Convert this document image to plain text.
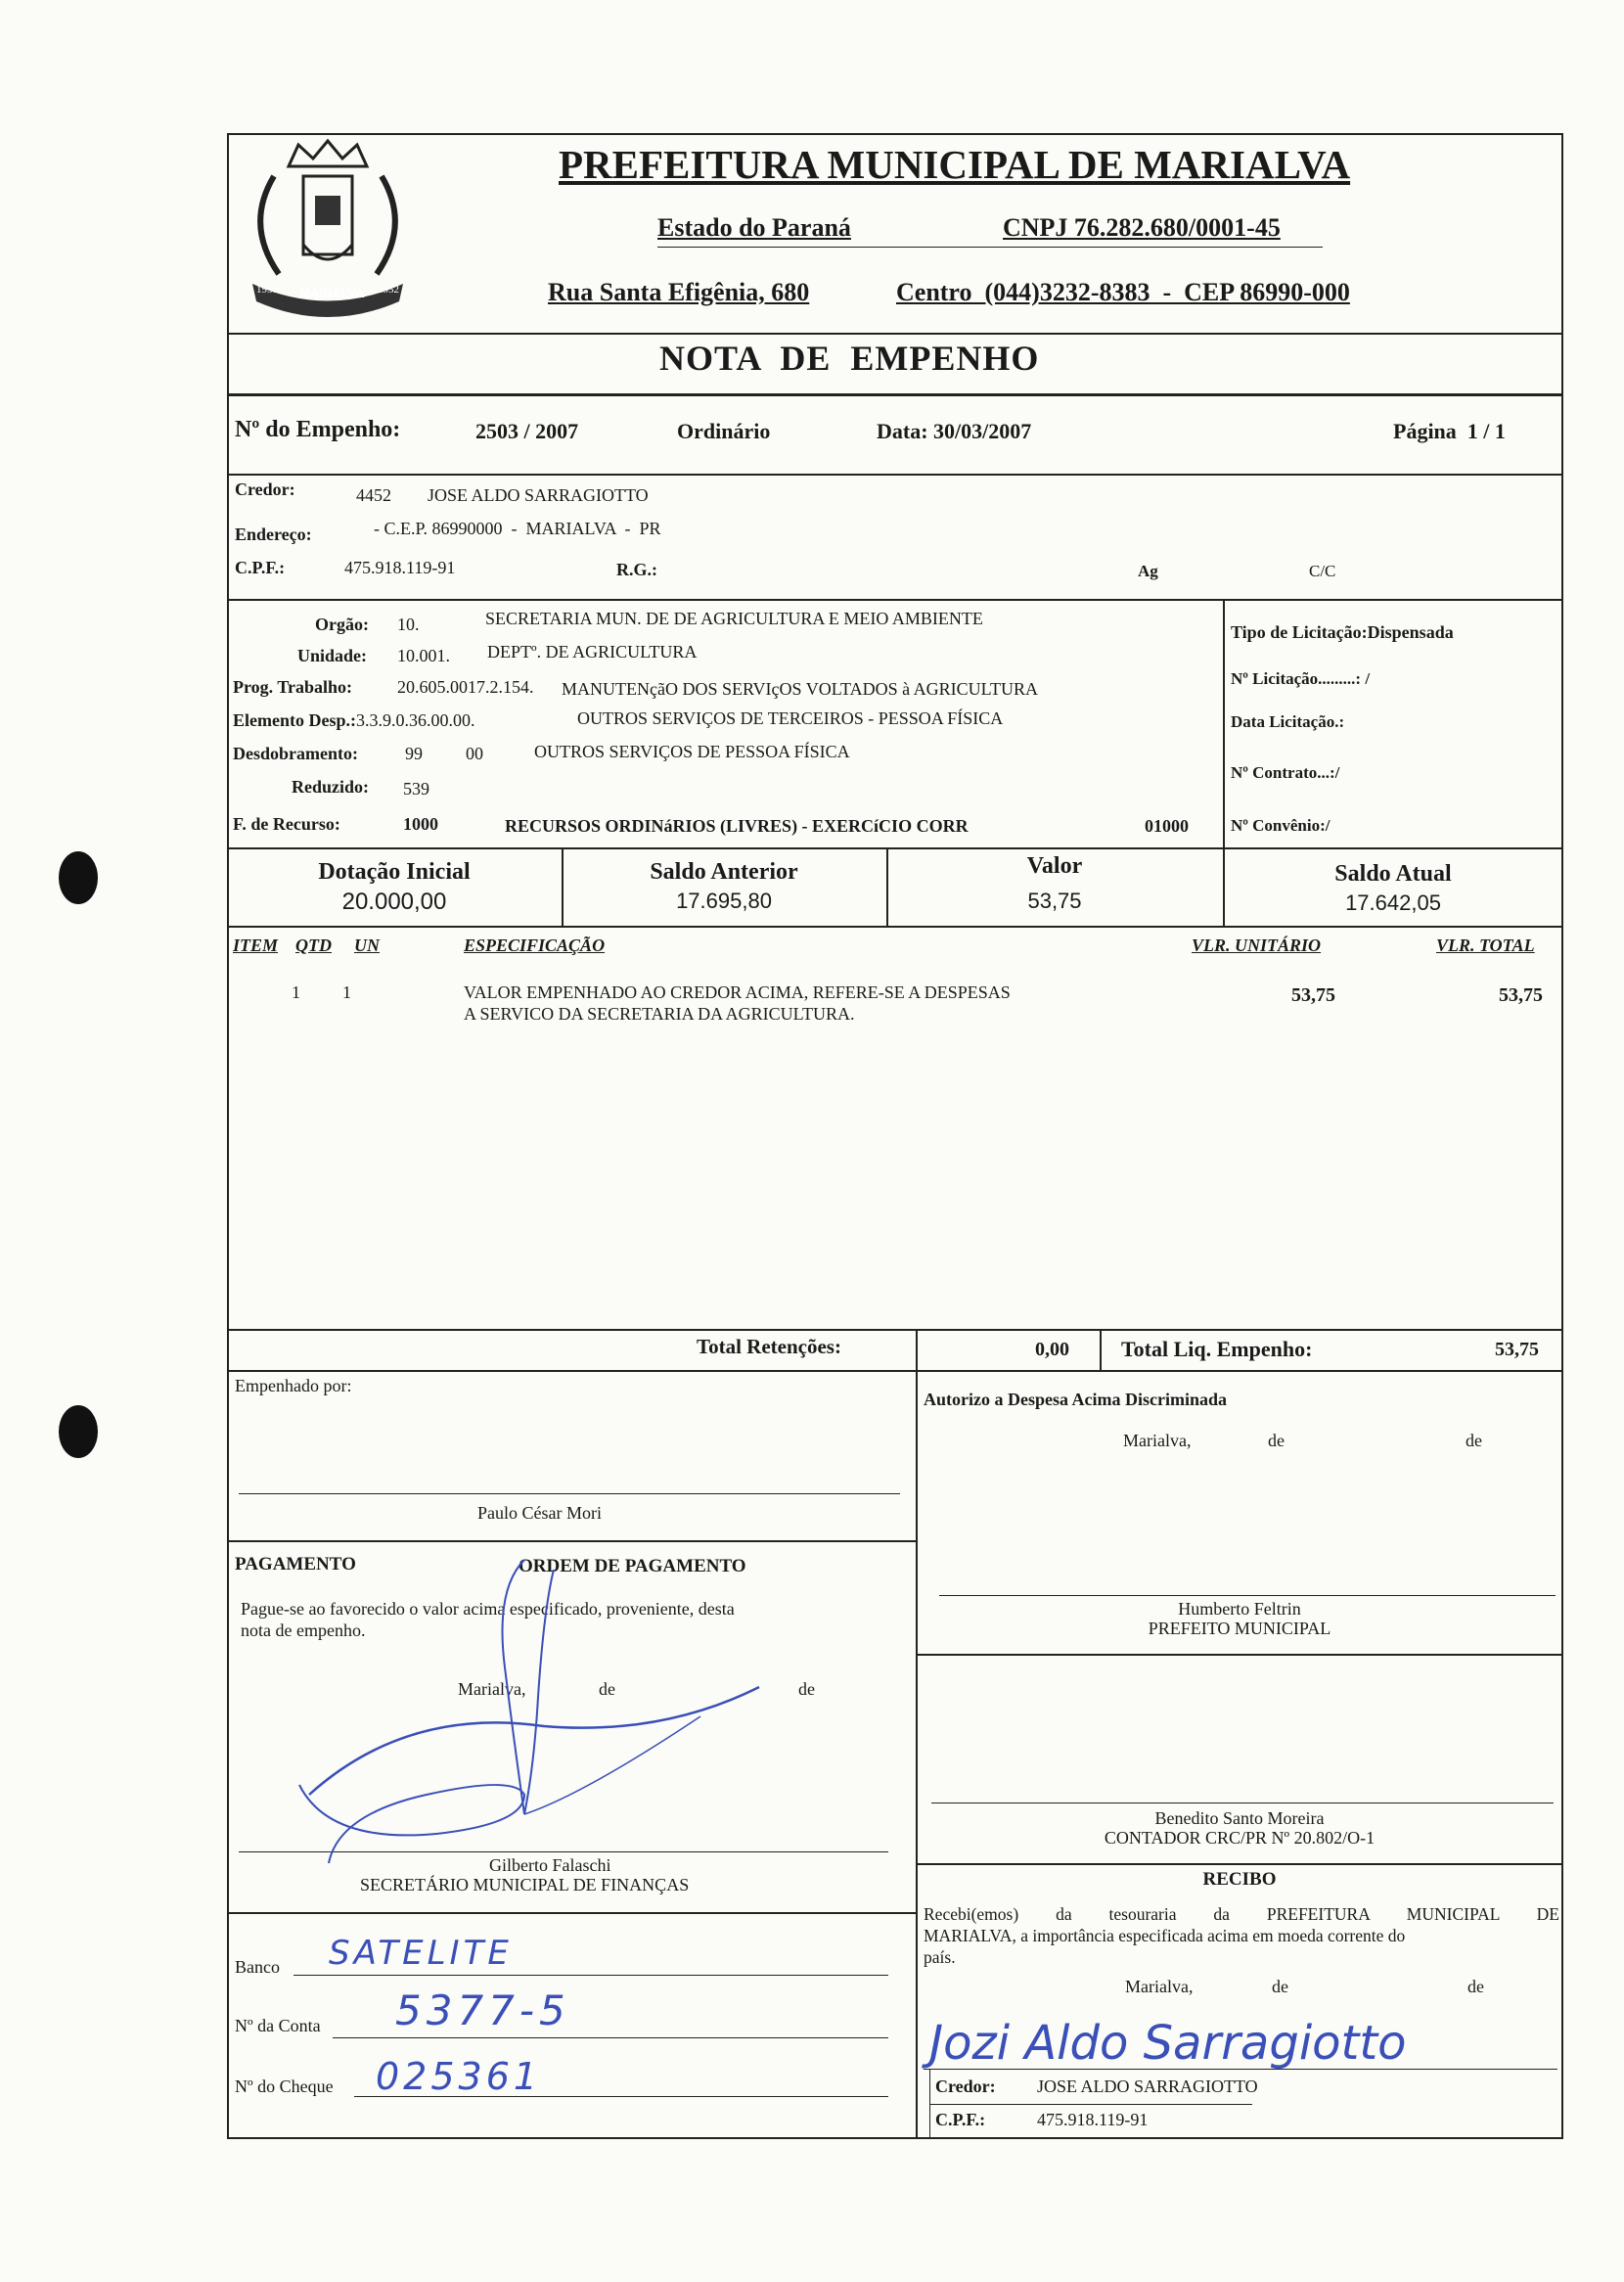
MARIALVA
1951	1952
PREFEITURA MUNICIPAL DE MARIALVA
Estado do Paraná	CNPJ 76.282.680/0001-45
Rua Santa Efigênia, 680	Centro  (044)3232-8383  -  CEP 86990-000
NOTA DE EMPENHO
Nº do Empenho:	2503 / 2007	Ordinário	Data: 30/03/2007	Página  1 / 1
Credor:	4452 JOSE ALDO SARRAGIOTTO
Endereço:	- C.E.P. 86990000  -  MARIALVA  -  PR
C.P.F.:	475.918.119-91	R.G.:	Ag	C/C
Orgão: 10.	SECRETARIA MUN. DE DE AGRICULTURA E MEIO AMBIENTE
Unidade: 10.001. DEPTº. DE AGRICULTURA
Prog. Trabalho:	20.605.0017.2.154. MANUTENçãO DOS SERVIçOS VOLTADOS à AGRICULTURA
Elemento Desp.: 3.3.9.0.36.00.00.	OUTROS SERVIÇOS DE TERCEIROS - PESSOA FÍSICA
Desdobramento:	99 00	OUTROS SERVIÇOS DE PESSOA FÍSICA
Reduzido: 539
F. de Recurso:	1000	RECURSOS ORDINáRIOS (LIVRES) - EXERCíCIO CORR	01000
Tipo de Licitação:Dispensada
Nº Licitação.........: /
Data Licitação.:
Nº Contrato...:/
Nº Convênio:/
Dotação Inicial
20.000,00
Saldo Anterior
17.695,80
Valor
53,75
Saldo Atual
17.642,05
ITEM QTD UN	ESPECIFICAÇÃO	VLR. UNITÁRIO	VLR. TOTAL
1 1	VALOR EMPENHADO AO CREDOR ACIMA, REFERE-SE A DESPESAS
A SERVICO DA SECRETARIA DA AGRICULTURA.
53,75	53,75
Total Retenções:	0,00 Total Liq. Empenho:	53,75
Empenhado por:
Paulo César Mori
Autorizo a Despesa Acima Discriminada
Marialva,	de	de
Humberto Feltrin
PREFEITO MUNICIPAL
PAGAMENTO	ORDEM DE PAGAMENTO
Pague-se ao favorecido o valor acima especificado, proveniente, desta
nota de empenho.
Marialva,	de	de
Gilberto Falaschi
SECRETÁRIO MUNICIPAL DE FINANÇAS
Benedito Santo Moreira
CONTADOR CRC/PR Nº 20.802/O-1
RECIBO
Recebi(emos) da tesouraria da PREFEITURA MUNICIPAL DE
MARIALVA, a importância especificada acima em moeda corrente do
país.
Marialva,	de	de
Jozi Aldo Sarragiotto
Credor: JOSE ALDO SARRAGIOTTO
C.P.F.:	475.918.119-91
Banco SATELITE
Nº da Conta 5377-5
Nº do Cheque 025361
